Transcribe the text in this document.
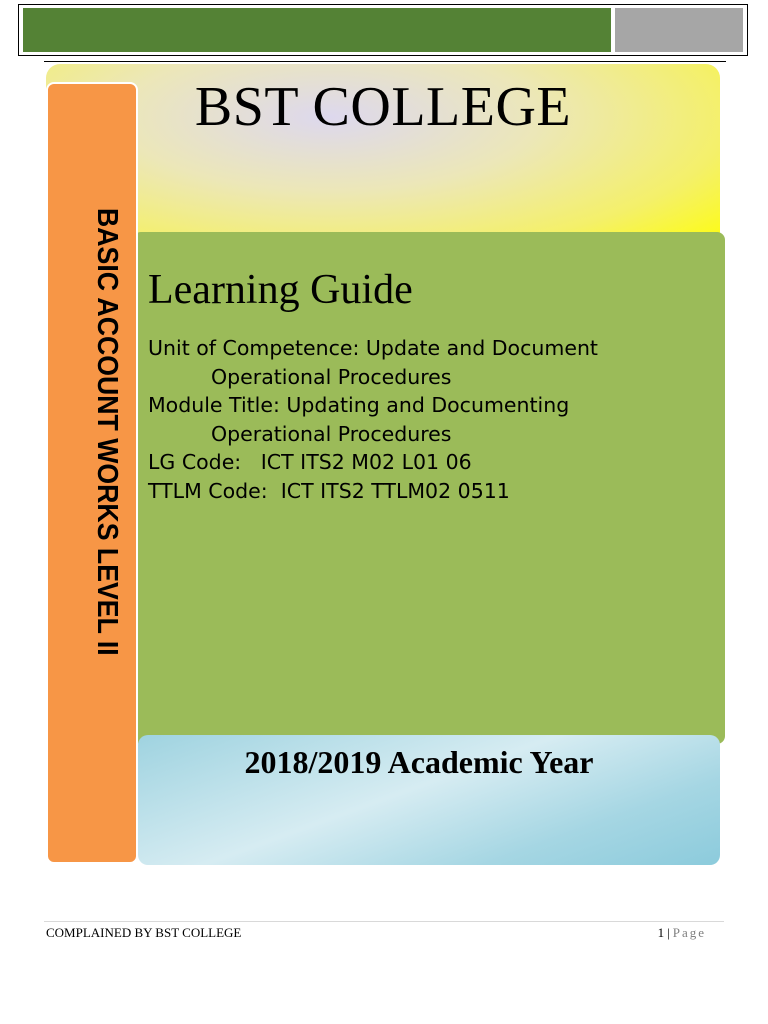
BST COLLEGE
BASIC ACCOUNT WORKS LEVEL II Learning Guide
Unit of Competence: Update and Document
Operational Procedures
Module Title: Updating and Documenting
Operational Procedures
LG Code:   ICT ITS2 M02 L01 06
TTLM Code:  ICT ITS2 TTLM02 0511
2018/2019 Academic Year
COMPLAINED BY BST COLLEGE	1 | Page
